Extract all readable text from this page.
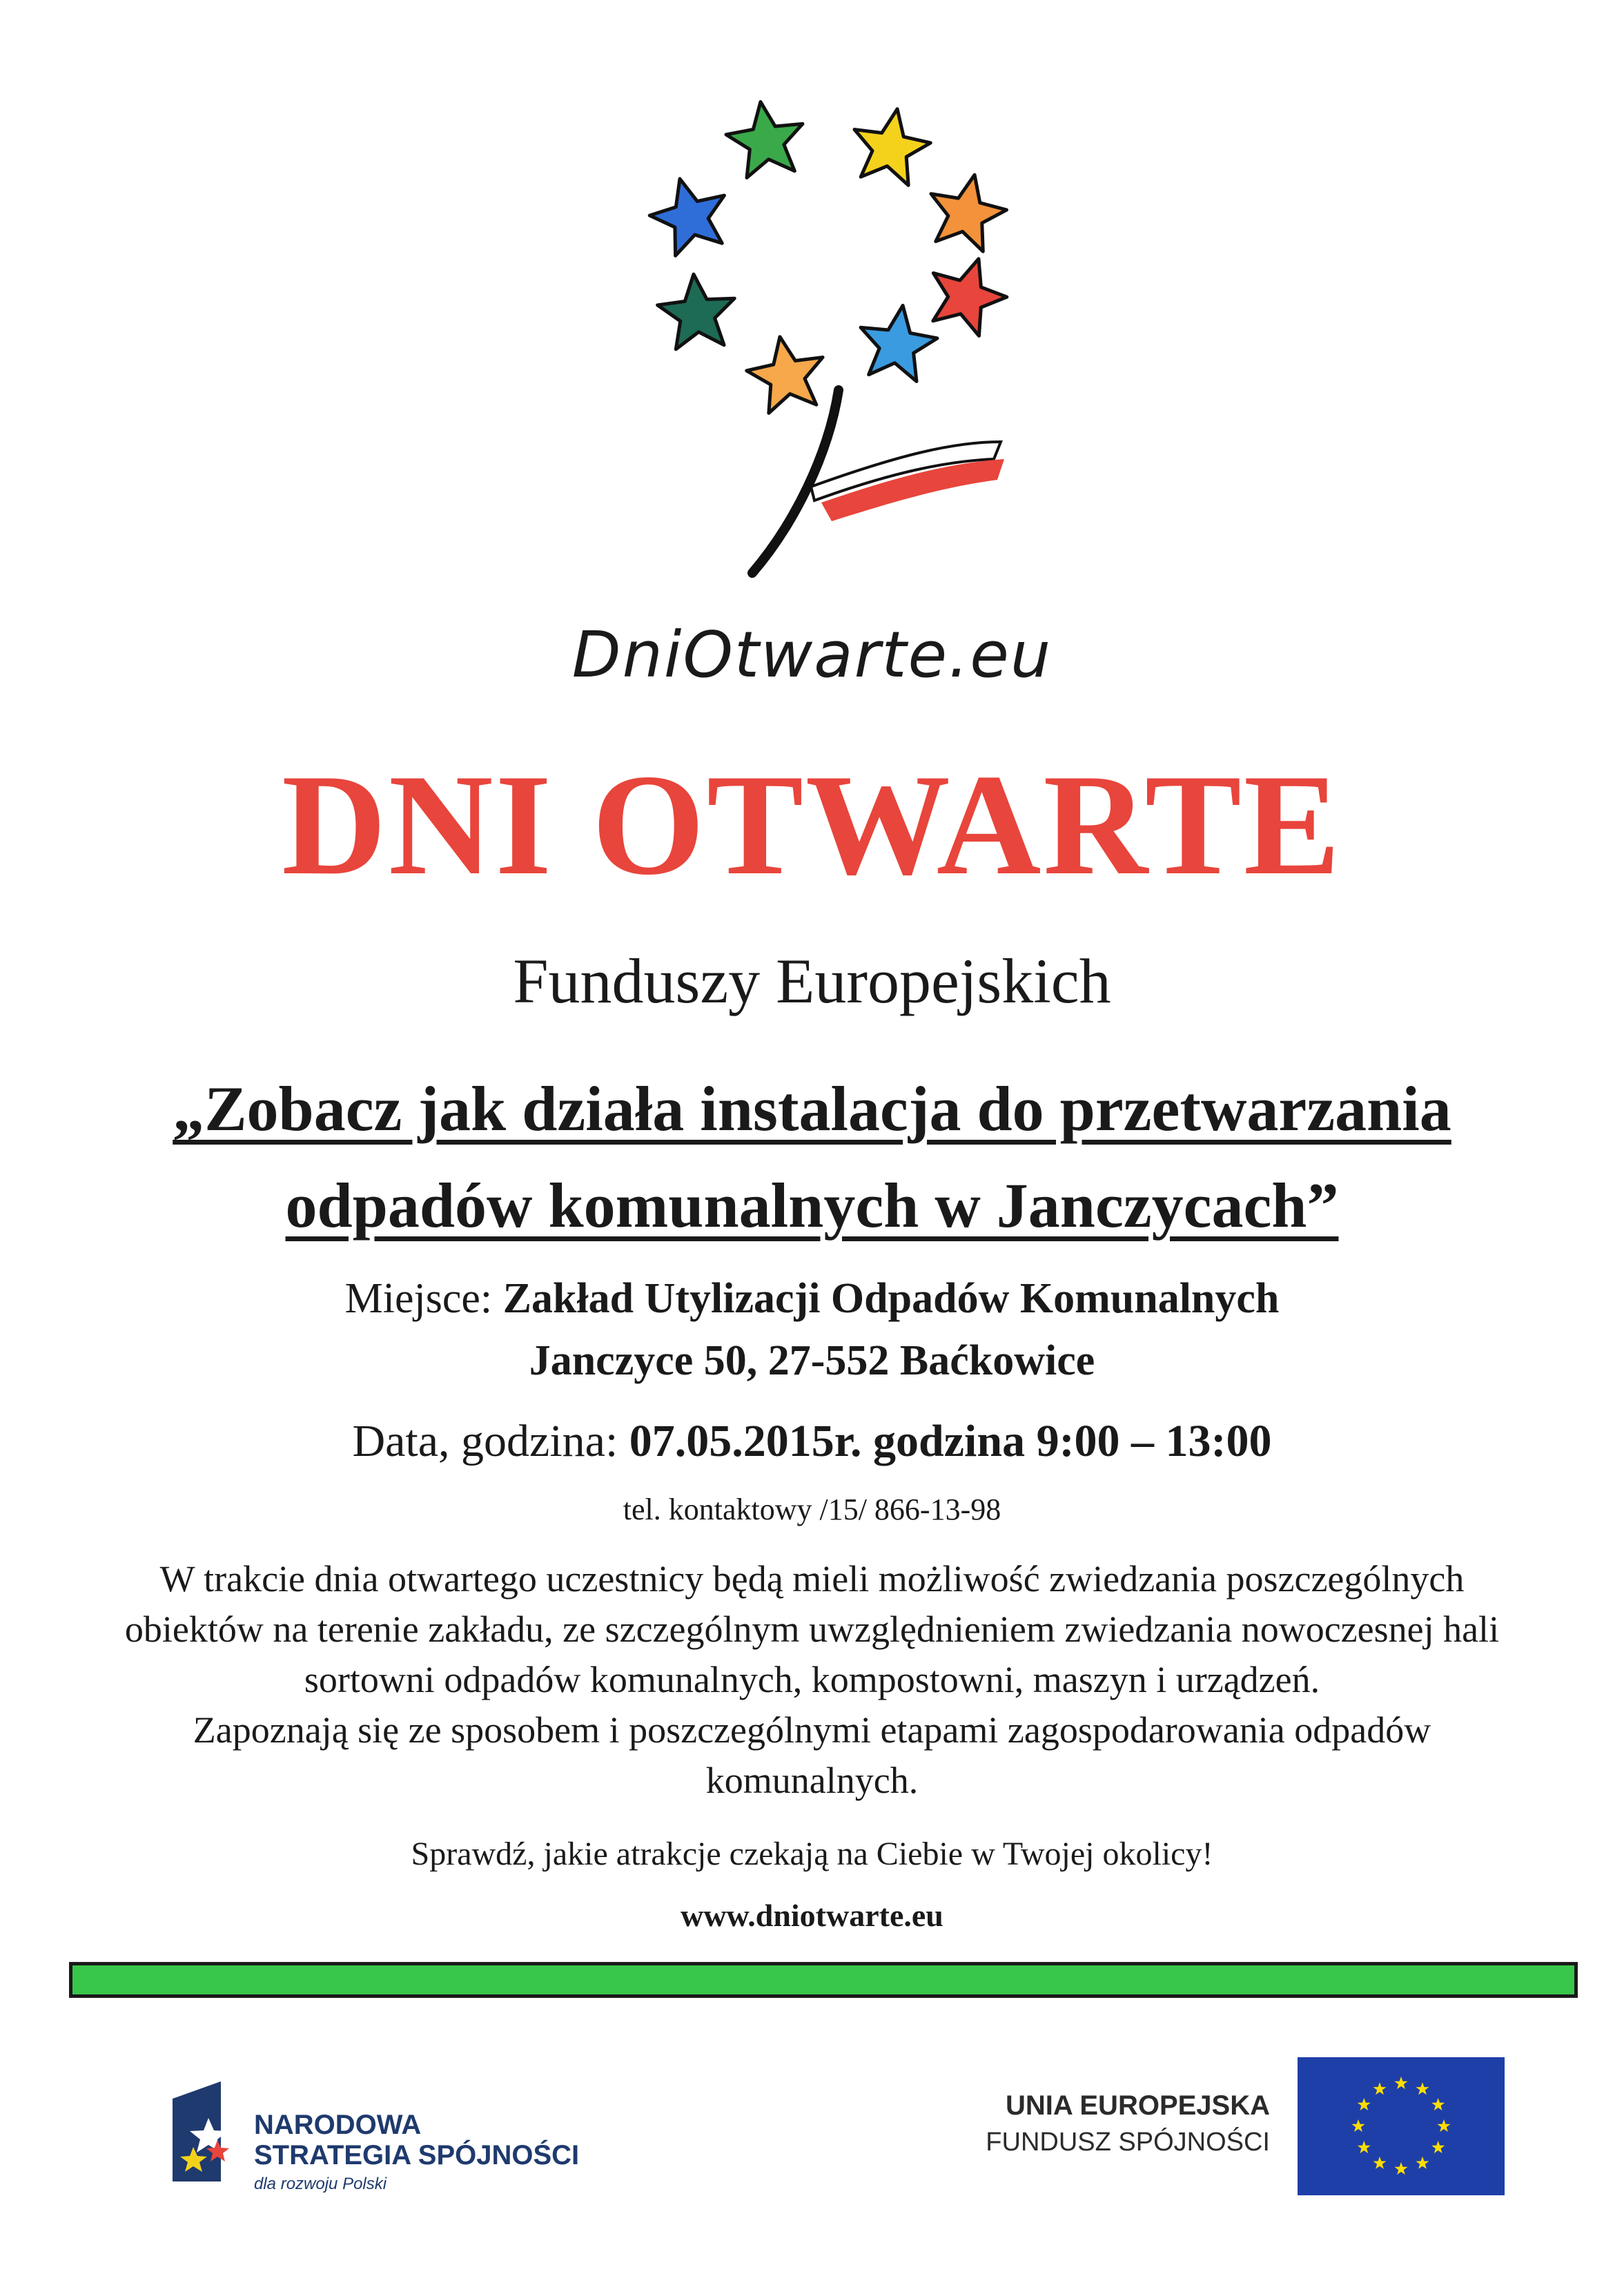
DniOtwarte.eu
DNI OTWARTE
Funduszy Europejskich
„Zobacz jak działa instalacja do przetwarzania
odpadów komunalnych w Janczycach”
Miejsce: Zakład Utylizacji Odpadów Komunalnych
Janczyce 50, 27-552 Baćkowice
Data, godzina: 07.05.2015r. godzina 9:00 – 13:00
tel. kontaktowy /15/ 866-13-98
W trakcie dnia otwartego uczestnicy będą mieli możliwość zwiedzania poszczególnych
obiektów na terenie zakładu, ze szczególnym uwzględnieniem zwiedzania nowoczesnej hali
sortowni odpadów komunalnych, kompostowni, maszyn i urządzeń.
Zapoznają się ze sposobem i poszczególnymi etapami zagospodarowania odpadów
komunalnych.
Sprawdź, jakie atrakcje czekają na Ciebie w Twojej okolicy!
www.dniotwarte.eu
NARODOWA
STRATEGIA SPÓJNOŚCI
dla rozwoju Polski
UNIA EUROPEJSKA
FUNDUSZ SPÓJNOŚCI
